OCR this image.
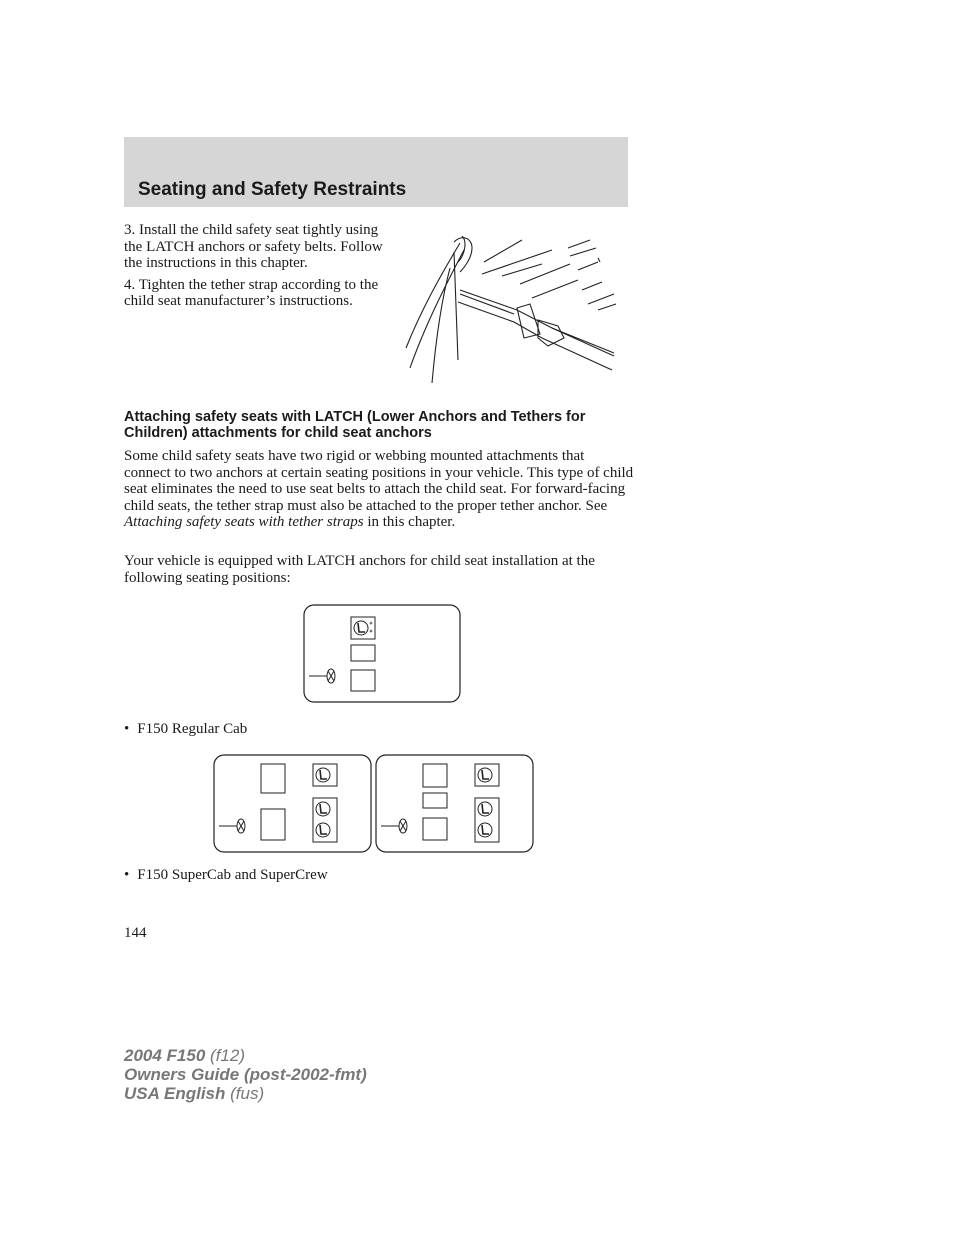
Seating and Safety Restraints

3. Install the child safety seat tightly using the LATCH anchors or safety belts. Follow the instructions in this chapter.

4. Tighten the tether strap according to the child seat manufacturer’s instructions.

Attaching safety seats with LATCH (Lower Anchors and Tethers for Children) attachments for child seat anchors

Some child safety seats have two rigid or webbing mounted attachments that connect to two anchors at certain seating positions in your vehicle. This type of child seat eliminates the need to use seat belts to attach the child seat. For forward-facing child seats, the tether strap must also be attached to the proper tether anchor. See Attaching safety seats with tether straps in this chapter.

Your vehicle is equipped with LATCH anchors for child seat installation at the following seating positions:

• F150 Regular Cab
• F150 SuperCab and SuperCrew
144
2004 F150 (f12)
Owners Guide (post-2002-fmt)
USA English (fus)
